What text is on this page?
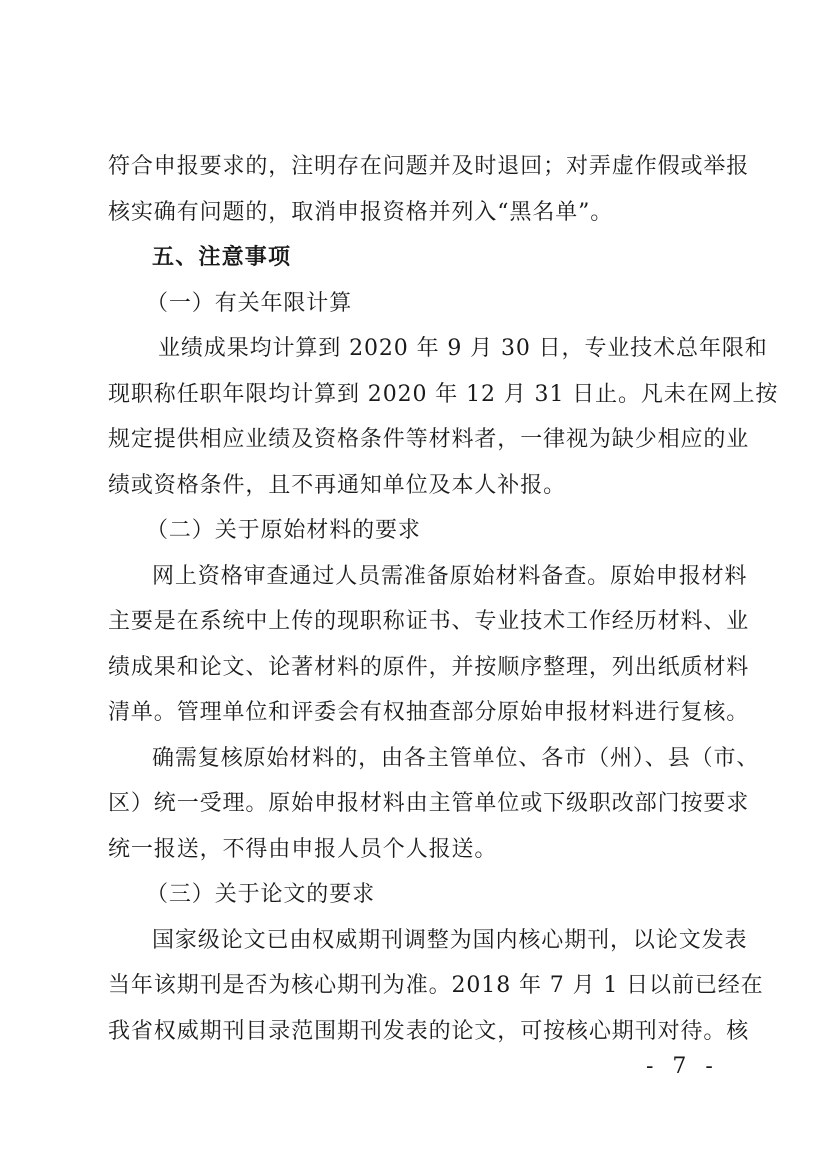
符合申报要求的，注明存在问题并及时退回；对弄虚作假或举报
核实确有问题的，取消申报资格并列入“黑名单”。
五、注意事项
（一）有关年限计算
业绩成果均计算到 2020 年 9 月 30 日，专业技术总年限和
现职称任职年限均计算到 2020 年 12 月 31 日止。凡未在网上按
规定提供相应业绩及资格条件等材料者，一律视为缺少相应的业
绩或资格条件，且不再通知单位及本人补报。
（二）关于原始材料的要求
网上资格审查通过人员需准备原始材料备查。原始申报材料
主要是在系统中上传的现职称证书、专业技术工作经历材料、业
绩成果和论文、论著材料的原件，并按顺序整理，列出纸质材料
清单。管理单位和评委会有权抽查部分原始申报材料进行复核。
确需复核原始材料的，由各主管单位、各市（州）、县（市、
区）统一受理。原始申报材料由主管单位或下级职改部门按要求
统一报送，不得由申报人员个人报送。
（三）关于论文的要求
国家级论文已由权威期刊调整为国内核心期刊，以论文发表
当年该期刊是否为核心期刊为准。2018 年 7 月 1 日以前已经在
我省权威期刊目录范围期刊发表的论文，可按核心期刊对待。核
- 7 -
